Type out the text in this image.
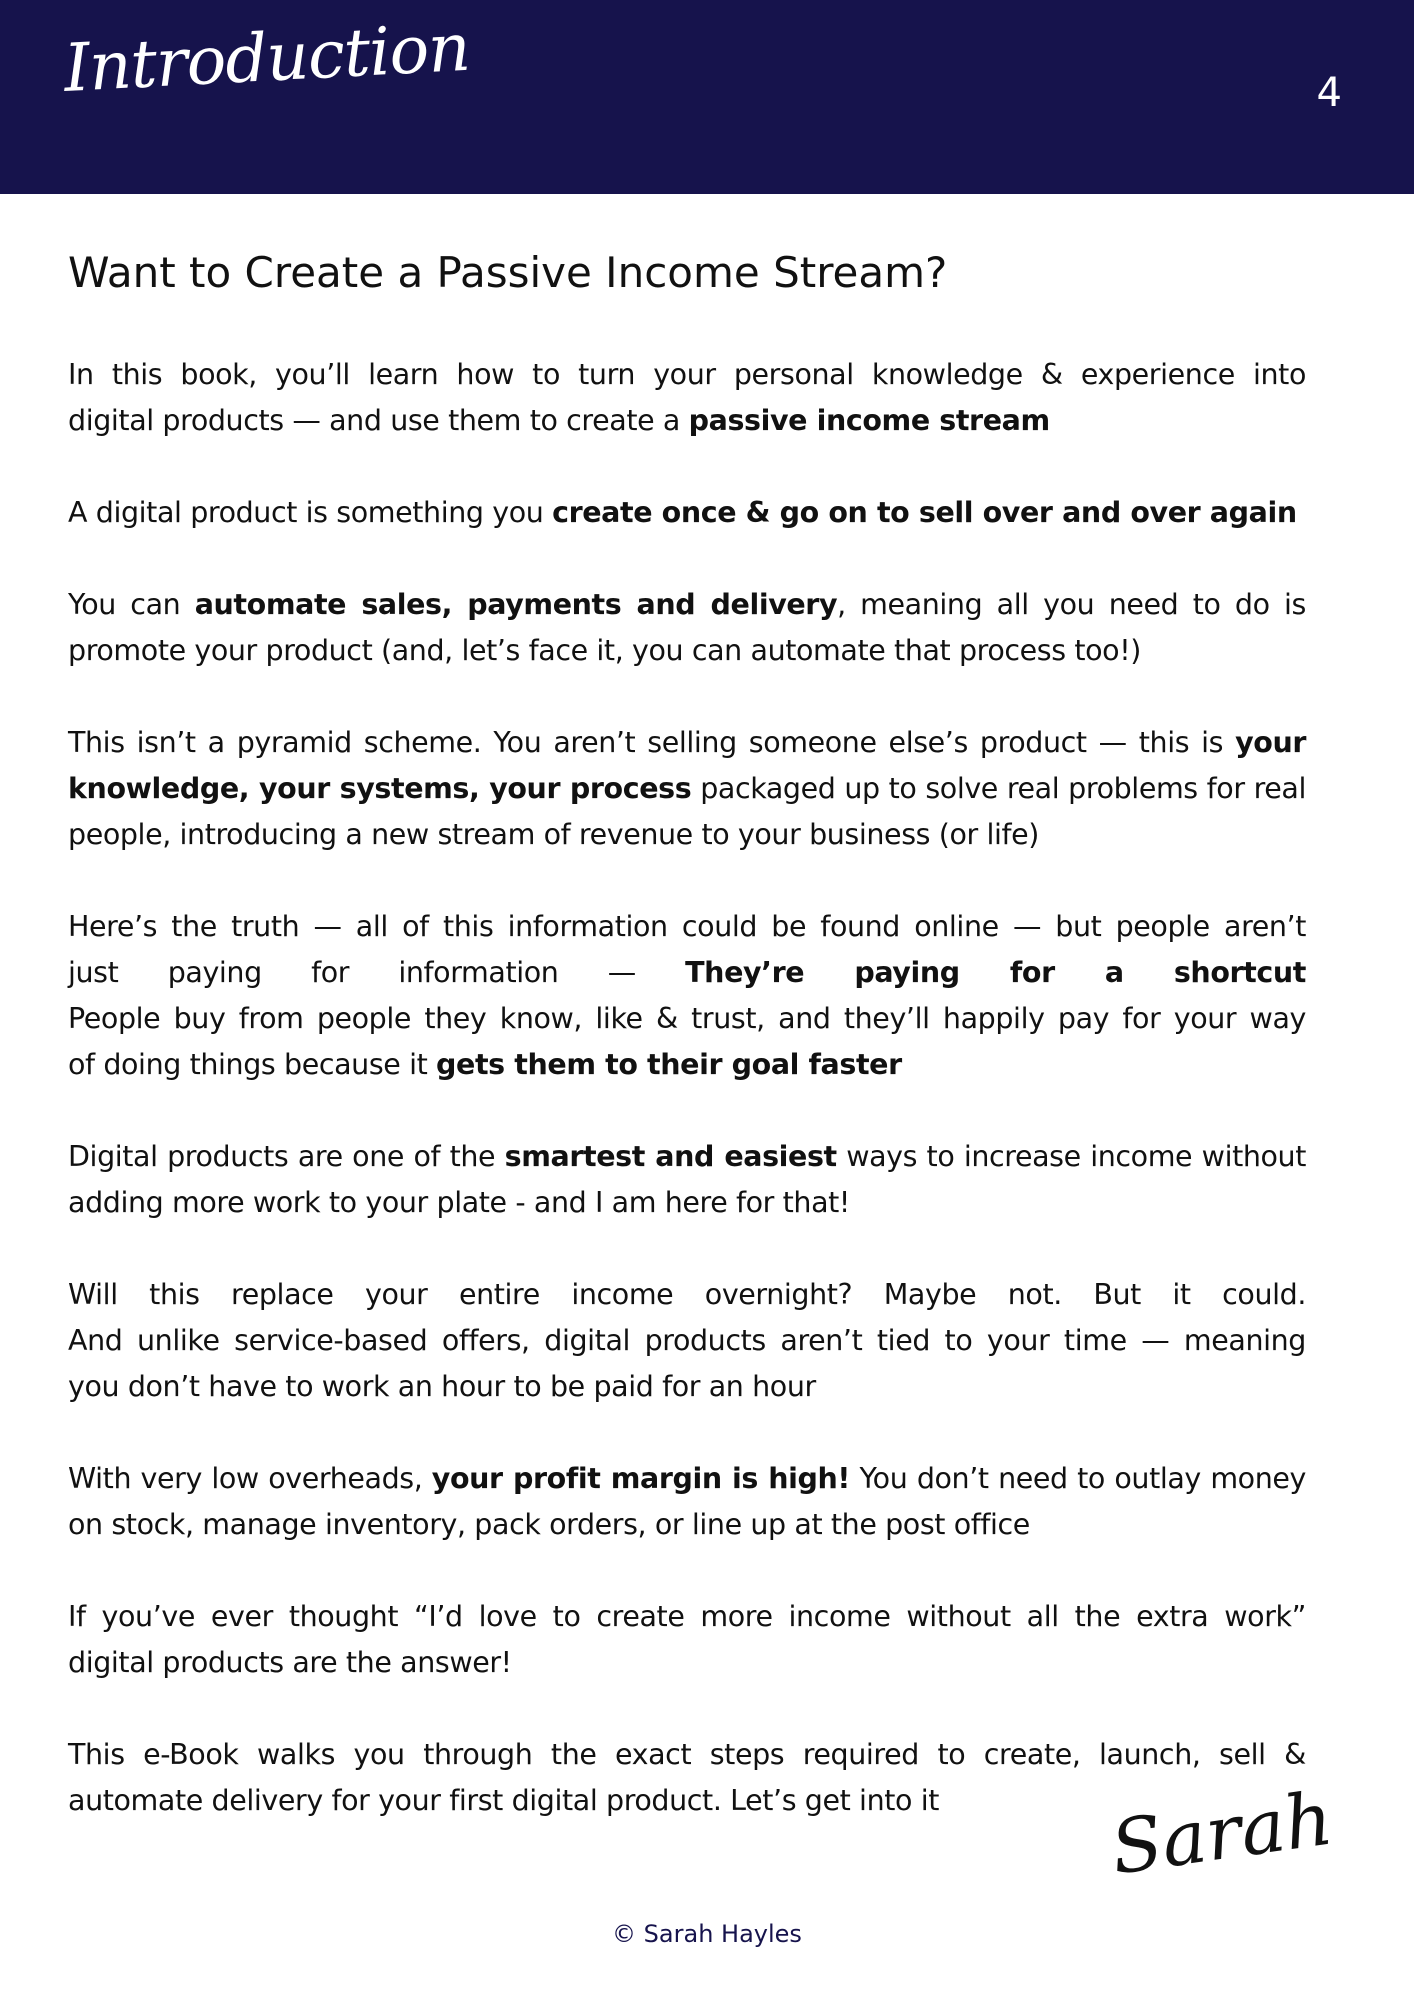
Introduction	4
Want to Create a Passive Income Stream?

In this book, you’ll learn how to turn your personal knowledge & experience into
digital products — and use them to create a passive income stream

A digital product is something you create once & go on to sell over and over again

You can automate sales, payments and delivery, meaning all you need to do is
promote your product (and, let’s face it, you can automate that process too!)

This isn’t a pyramid scheme. You aren’t selling someone else’s product — this is your
knowledge, your systems, your process packaged up to solve real problems for real
people, introducing a new stream of revenue to your business (or life)

Here’s the truth — all of this information could be found online — but people aren’t
just paying for information — They’re paying for a shortcut
People buy from people they know, like & trust, and they’ll happily pay for your way
of doing things because it gets them to their goal faster

Digital products are one of the smartest and easiest ways to increase income without
adding more work to your plate - and I am here for that!

Will this replace your entire income overnight? Maybe not. But it could.
And unlike service-based offers, digital products aren’t tied to your time — meaning
you don’t have to work an hour to be paid for an hour

With very low overheads, your profit margin is high! You don’t need to outlay money
on stock, manage inventory, pack orders, or line up at the post office

If you’ve ever thought “I’d love to create more income without all the extra work”
digital products are the answer!

This e-Book walks you through the exact steps required to create, launch, sell &
automate delivery for your first digital product. Let’s get into it	Sarah
© Sarah Hayles
